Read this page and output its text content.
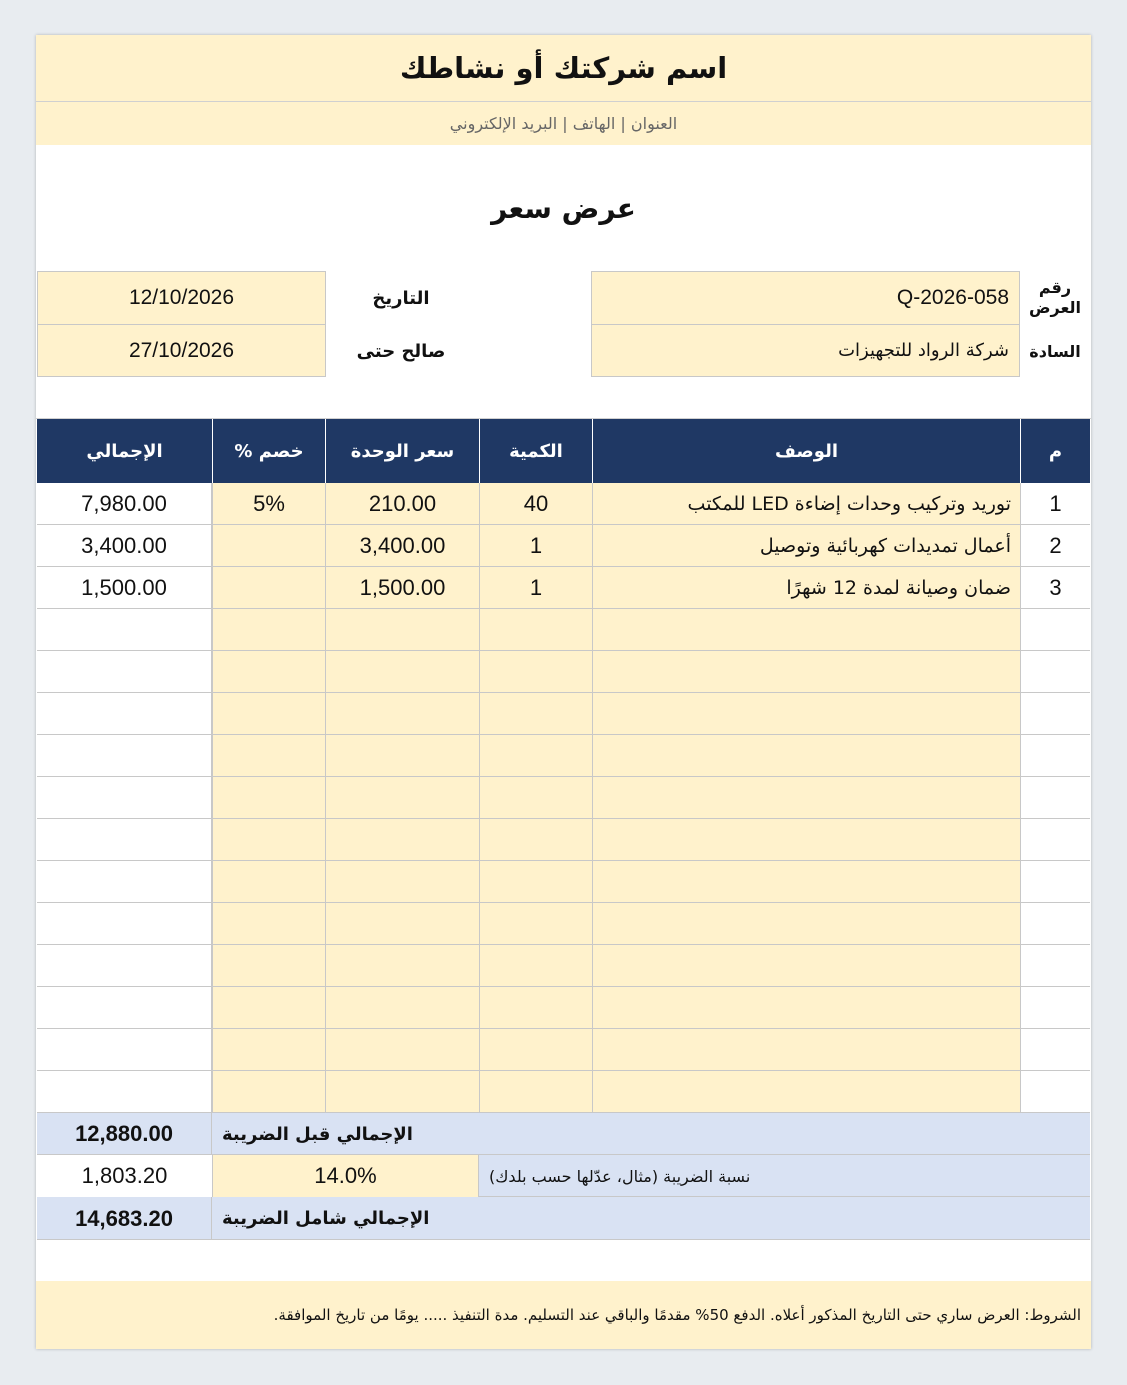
اسم شركتك أو نشاطك
العنوان | الهاتف | البريد الإلكتروني
عرض سعر
رقم
العرض
Q-2026-058
السادة
شركة الرواد للتجهيزات
التاريخ
12/10/2026
صالح حتى
27/10/2026
م
الوصف
الكمية
سعر الوحدة
خصم %
الإجمالي
1
توريد وتركيب وحدات إضاءة LED للمكتب
40
210.00
5%
7,980.00
2
أعمال تمديدات كهربائية وتوصيل
1
3,400.00
3,400.00
3
ضمان وصيانة لمدة 12 شهرًا
1
1,500.00
1,500.00
الإجمالي قبل الضريبة
12,880.00
نسبة الضريبة (مثال، عدّلها حسب بلدك)
14.0%
1,803.20
الإجمالي شامل الضريبة
14,683.20
الشروط: العرض ساري حتى التاريخ المذكور أعلاه. الدفع 50% مقدمًا والباقي عند التسليم. مدة التنفيذ ..... يومًا من تاريخ الموافقة.
